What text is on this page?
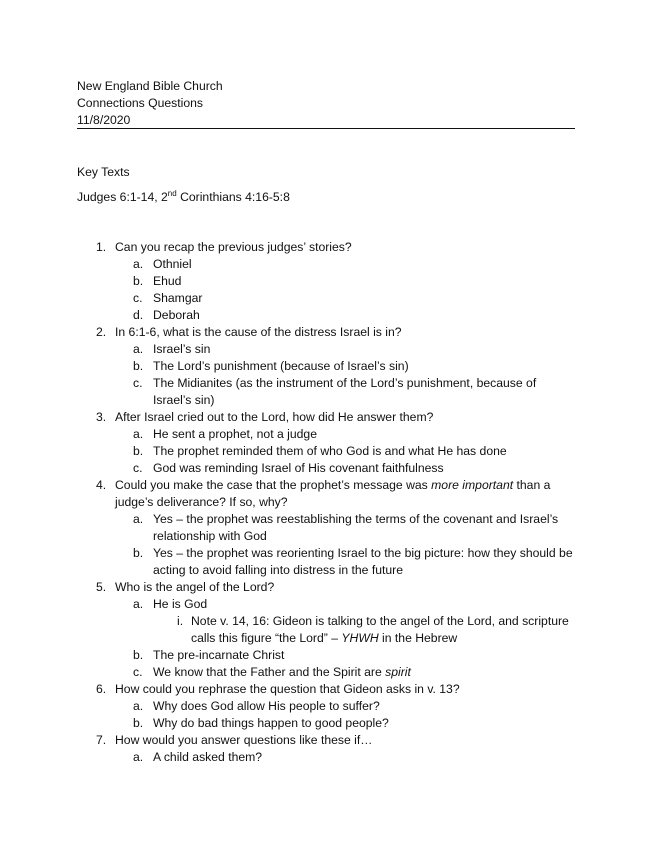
New England Bible Church
Connections Questions
11/8/2020
Key Texts
Judges 6:1-14, 2nd Corinthians 4:16-5:8
1. Can you recap the previous judges’ stories?
a. Othniel
b. Ehud
c. Shamgar
d. Deborah
2. In 6:1-6, what is the cause of the distress Israel is in?
a. Israel’s sin
b. The Lord’s punishment (because of Israel’s sin)
c. The Midianites (as the instrument of the Lord’s punishment, because of Israel’s sin)
3. After Israel cried out to the Lord, how did He answer them?
a. He sent a prophet, not a judge
b. The prophet reminded them of who God is and what He has done
c. God was reminding Israel of His covenant faithfulness
4. Could you make the case that the prophet’s message was more important than a judge’s deliverance? If so, why?
a. Yes – the prophet was reestablishing the terms of the covenant and Israel’s relationship with God
b. Yes – the prophet was reorienting Israel to the big picture: how they should be acting to avoid falling into distress in the future
5. Who is the angel of the Lord?
a. He is God
i. Note v. 14, 16: Gideon is talking to the angel of the Lord, and scripture calls this figure “the Lord” – YHWH in the Hebrew
b. The pre-incarnate Christ
c. We know that the Father and the Spirit are spirit
6. How could you rephrase the question that Gideon asks in v. 13?
a. Why does God allow His people to suffer?
b. Why do bad things happen to good people?
7. How would you answer questions like these if…
a. A child asked them?
